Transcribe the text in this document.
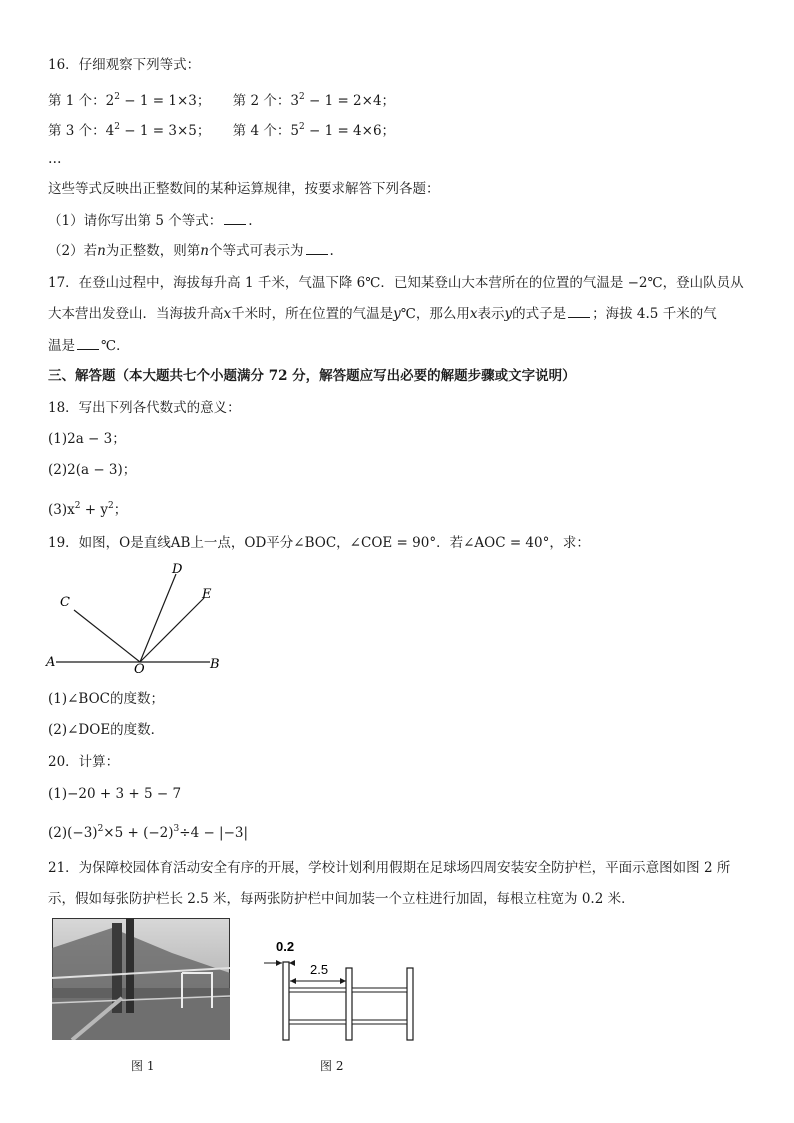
16．仔细观察下列等式：
第 1 个：$2^2 - 1 = 1\times 3$； 第 2 个：$3^2 - 1 = 2\times 4$；
第 3 个：$4^2 - 1 = 3\times 5$； 第 4 个：$5^2 - 1 = 4\times 6$；
…
这些等式反映出正整数间的某种运算规律，按要求解答下列各题：
（1）请你写出第 5 个等式： .
（2）若n为正整数，则第n个等式可表示为 .
17．在登山过程中，海拔每升高 1 千米，气温下降 6℃．已知某登山大本营所在的位置的气温是 −2℃，登山队员从
大本营出发登山．当海拔升高x千米时，所在位置的气温是y℃，那么用x表示y的式子是 ；海拔 4.5 千米的气
温是 ℃．
三、解答题（本大题共七个小题满分 72 分，解答题应写出必要的解题步骤或文字说明）
18．写出下列各代数式的意义：
(1)2a − 3；
(2)2(a − 3)；
$(3)x^2 + y^2$；
19．如图，O是直线AB上一点，OD平分∠BOC，∠COE = 90°．若∠AOC = 40°，求：
A	B
C
D
E
O
(1)∠BOC的度数；
(2)∠DOE的度数．
20．计算：
(1)−20 + 3 + 5 − 7
$(2)(-3)^2\times 5 + (-2)^3\div 4 - |-3|$
21．为保障校园体育活动安全有序的开展，学校计划利用假期在足球场四周安装安全防护栏，平面示意图如图 2 所
示，假如每张防护栏长 2.5 米，每两张防护栏中间加装一个立柱进行加固，每根立柱宽为 0.2 米．
图 1
0.2
2.5
图 2
